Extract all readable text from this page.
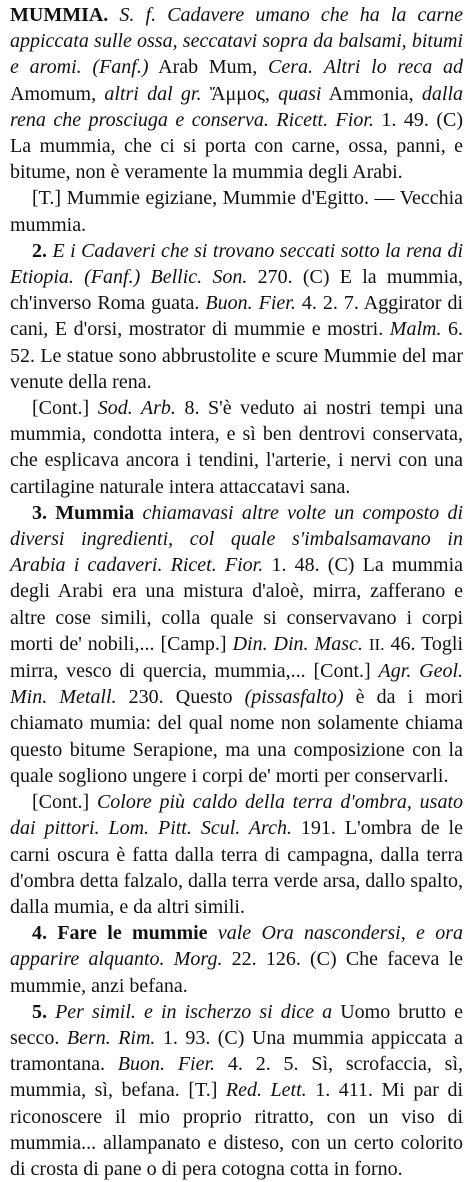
MUMMIA. S. f. Cadavere umano che ha la carne appiccata sulle ossa, seccatavi sopra da balsami, bitumi e aromi. (Fanf.) Arab Mum, Cera. Altri lo reca ad Amomum, altri dal gr. Ἄμμος, quasi Ammonia, dalla rena che prosciuga e conserva. Ricett. Fior. 1. 49. (C) La mummia, che ci si porta con carne, ossa, panni, e bitume, non è veramente la mummia degli Arabi.

[T.] Mummie egiziane, Mummie d'Egitto. — Vecchia mummia.

2. E i Cadaveri che si trovano seccati sotto la rena di Etiopia. (Fanf.) Bellic. Son. 270. (C) E la mummia, ch'inverso Roma guata. Buon. Fier. 4. 2. 7. Aggirator di cani, E d'orsi, mostrator di mummie e mostri. Malm. 6. 52. Le statue sono abbrustolite e scure Mummie del mar venute della rena.

[Cont.] Sod. Arb. 8. S'è veduto ai nostri tempi una mummia, condotta intera, e sì ben dentrovi conservata, che esplicava ancora i tendini, l'arterie, i nervi con una cartilagine naturale intera attaccatavi sana.

3. Mummia chiamavasi altre volte un composto di diversi ingredienti, col quale s'imbalsamavano in Arabia i cadaveri. Ricet. Fior. 1. 48. (C) La mummia degli Arabi era una mistura d'aloè, mirra, zafferano e altre cose simili, colla quale si conservavano i corpi morti de' nobili,... [Camp.] Din. Din. Masc. II. 46. Togli mirra, vesco di quercia, mummia,... [Cont.] Agr. Geol. Min. Metall. 230. Questo (pissasfalto) è da i mori chiamato mumia: del qual nome non solamente chiama questo bitume Serapione, ma una composizione con la quale sogliono ungere i corpi de' morti per conservarli.

[Cont.] Colore più caldo della terra d'ombra, usato dai pittori. Lom. Pitt. Scul. Arch. 191. L'ombra de le carni oscura è fatta dalla terra di campagna, dalla terra d'ombra detta falzalo, dalla terra verde arsa, dallo spalto, dalla mumia, e da altri simili.

4. Fare le mummie vale Ora nascondersi, e ora apparire alquanto. Morg. 22. 126. (C) Che faceva le mummie, anzi befana.

5. Per simil. e in ischerzo si dice a Uomo brutto e secco. Bern. Rim. 1. 93. (C) Una mummia appiccata a tramontana. Buon. Fier. 4. 2. 5. Sì, scrofaccia, sì, mummia, sì, befana. [T.] Red. Lett. 1. 411. Mi par di riconoscere il mio proprio ritratto, con un viso di mummia... allampanato e disteso, con un certo colorito di crosta di pane o di pera cotogna cotta in forno.
